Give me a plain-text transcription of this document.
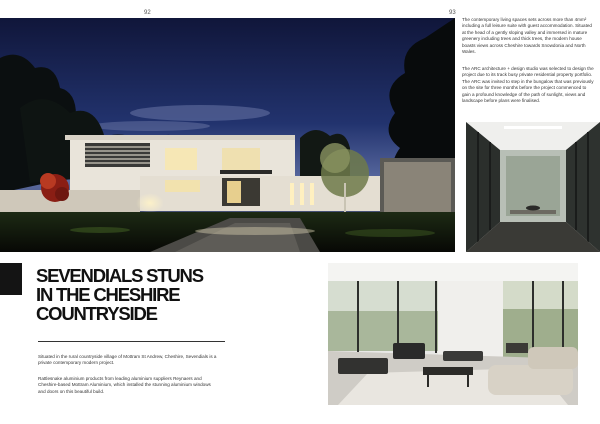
92	93

The contemporary living spaces sets across more than 4mm² including a full leisure suite with guest accommodation. Situated at the head of a gently sloping valley and immersed in mature greenery including trees and thick trees, the modern house boasts views across Cheshire towards Snowdonia and North Wales.

The ARC architecture + design studio was selected to design the project due to its track busy private residential property portfolio. The ARC was invited to step in the bungalow that was previously on the site for three months before the project commenced to gain a profound knowledge of the path of sunlight, views and landscape before plans were finalised.

SEVENDIALS STUNS
IN THE CHESHIRE
COUNTRYSIDE

Situated in the rural countryside village of Mottram St Andrew, Cheshire, Sevendials is a private contemporary modern project.

Rattlesnake aluminium products from leading aluminium suppliers Reynaers and Cheshire-based Mottram Aluminium, which installed the stunning aluminium windows and doors on this beautiful build.
